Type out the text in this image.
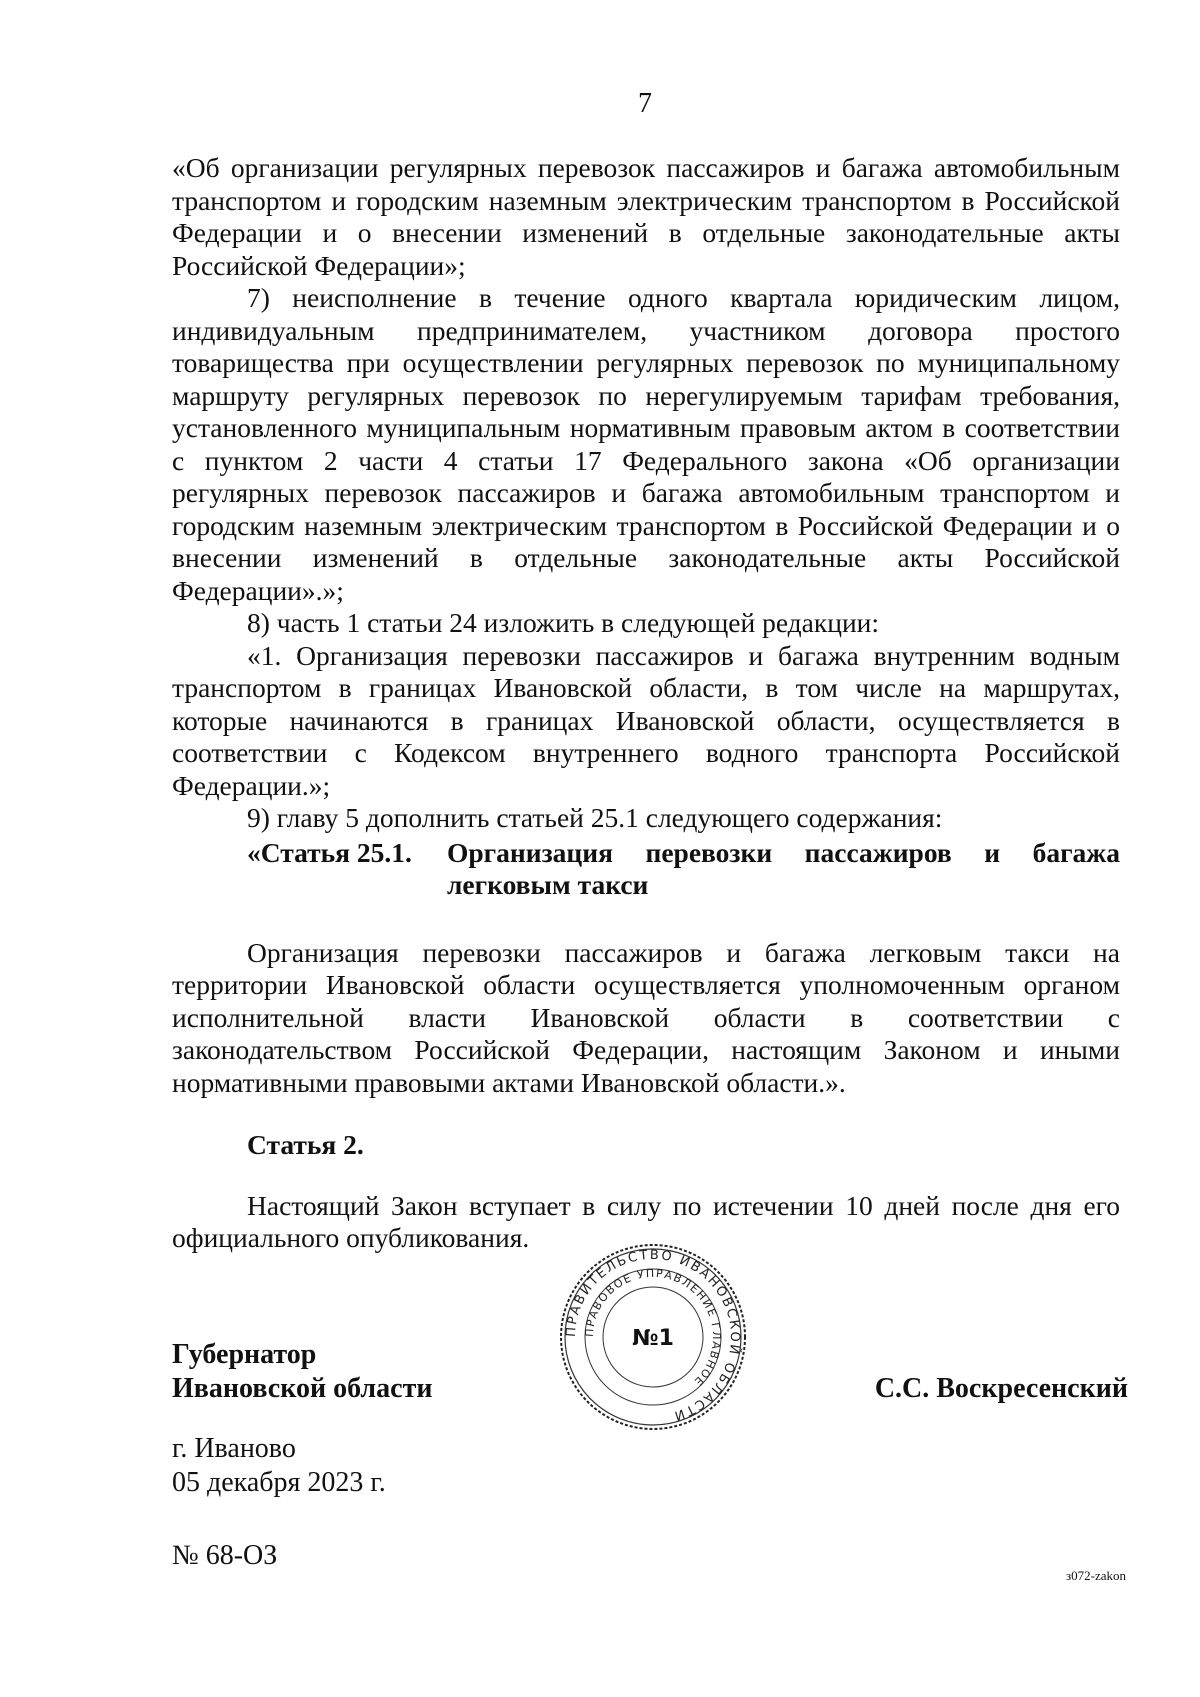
7

«Об организации регулярных перевозок пассажиров и багажа автомобильным транспортом и городским наземным электрическим транспортом в Российской Федерации и о внесении изменений в отдельные законодательные акты Российской Федерации»;

7) неисполнение в течение одного квартала юридическим лицом, индивидуальным предпринимателем, участником договора простого товарищества при осуществлении регулярных перевозок по муниципальному маршруту регулярных перевозок по нерегулируемым тарифам требования, установленного муниципальным нормативным правовым актом в соответствии с пунктом 2 части 4 статьи 17 Федерального закона «Об организации регулярных перевозок пассажиров и багажа автомобильным транспортом и городским наземным электрическим транспортом в Российской Федерации и о внесении изменений в отдельные законодательные акты Российской Федерации».»;

8) часть 1 статьи 24 изложить в следующей редакции:

«1. Организация перевозки пассажиров и багажа внутренним водным транспортом в границах Ивановской области, в том числе на маршрутах, которые начинаются в границах Ивановской области, осуществляется в соответствии с Кодексом внутреннего водного транспорта Российской Федерации.»;

9) главу 5 дополнить статьей 25.1 следующего содержания:

«Статья 25.1.	Организация перевозки пассажиров и багажа
легковым такси

Организация перевозки пассажиров и багажа легковым такси на территории Ивановской области осуществляется уполномоченным органом исполнительной власти Ивановской области в соответствии с законодательством Российской Федерации, настоящим Законом и иными нормативными правовыми актами Ивановской области.».

Статья 2.

Настоящий Закон вступает в силу по истечении 10 дней после дня его официального опубликования.

Губернатор
Ивановской области
ПРАВИТЕЛЬСТВО ИВАНОВСКОЙ ОБЛАСТИ
ПРАВОВОЕ УПРАВЛЕНИЕ ГЛАВНОЕ
№1
С.С. Воскресенский
г. Иваново
05 декабря 2023 г.
№ 68-ОЗ
з072-zakon
